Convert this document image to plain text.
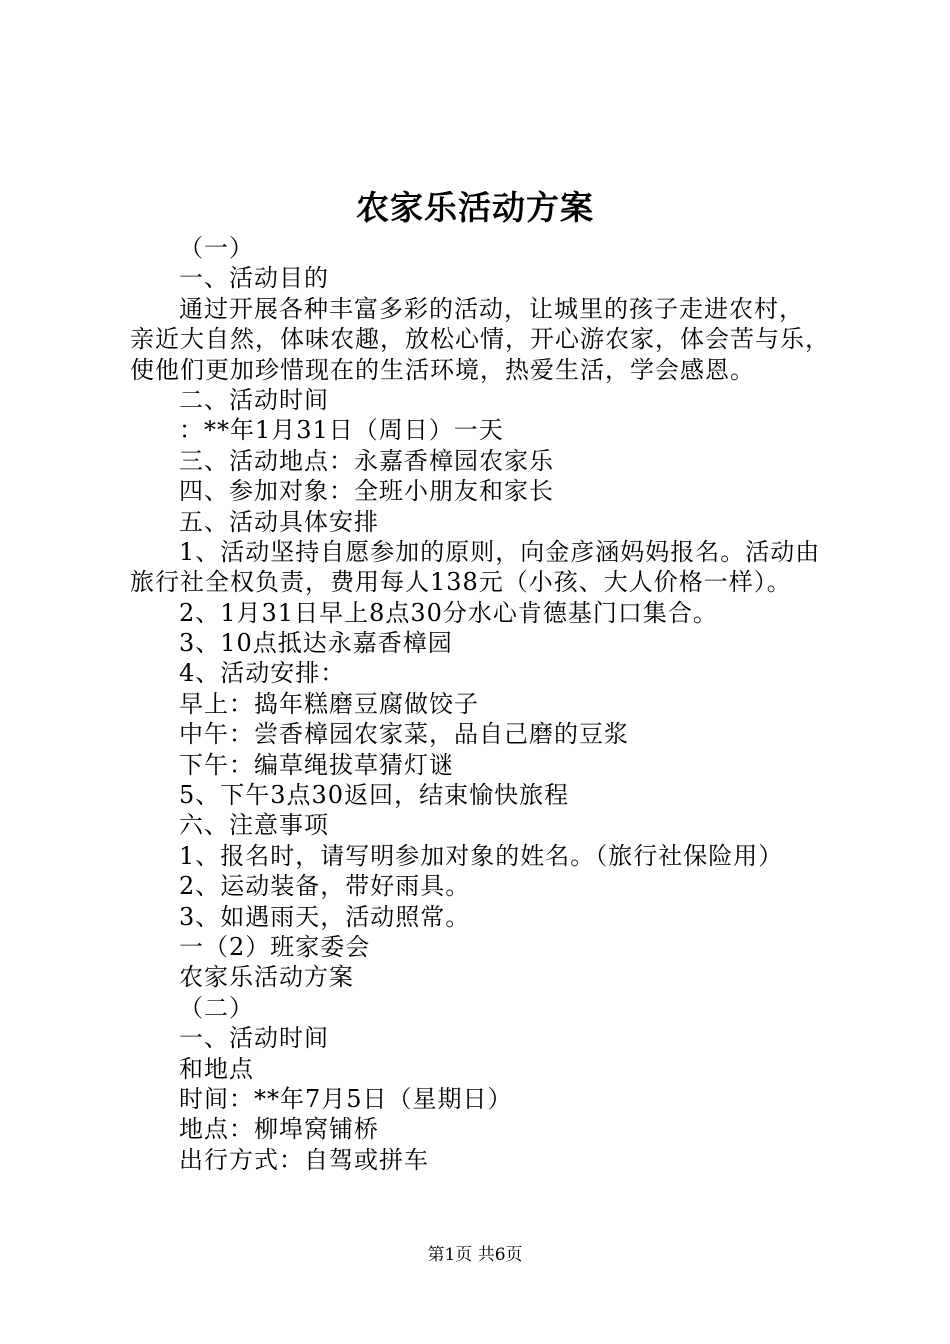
农家乐活动方案
（一）
一、活动目的
通过开展各种丰富多彩的活动，让城里的孩子走进农村，
亲近大自然，体味农趣，放松心情，开心游农家，体会苦与乐，
使他们更加珍惜现在的生活环境，热爱生活，学会感恩。
二、活动时间
：**年1月31日（周日）一天
三、活动地点：永嘉香樟园农家乐
四、参加对象：全班小朋友和家长
五、活动具体安排
1、活动坚持自愿参加的原则，向金彦涵妈妈报名。活动由
旅行社全权负责，费用每人138元（小孩、大人价格一样）。
2、1月31日早上8点30分水心肯德基门口集合。
3、10点抵达永嘉香樟园
4、活动安排：
早上：捣年糕磨豆腐做饺子
中午：尝香樟园农家菜，品自己磨的豆浆
下午：编草绳拔草猜灯谜
5、下午3点30返回，结束愉快旅程
六、注意事项
1、报名时，请写明参加对象的姓名。（旅行社保险用）
2、运动装备，带好雨具。
3、如遇雨天，活动照常。
一（2）班家委会
农家乐活动方案
（二）
一、活动时间
和地点
时间：**年7月5日（星期日）
地点：柳埠窝铺桥
出行方式：自驾或拼车
第1页 共6页
